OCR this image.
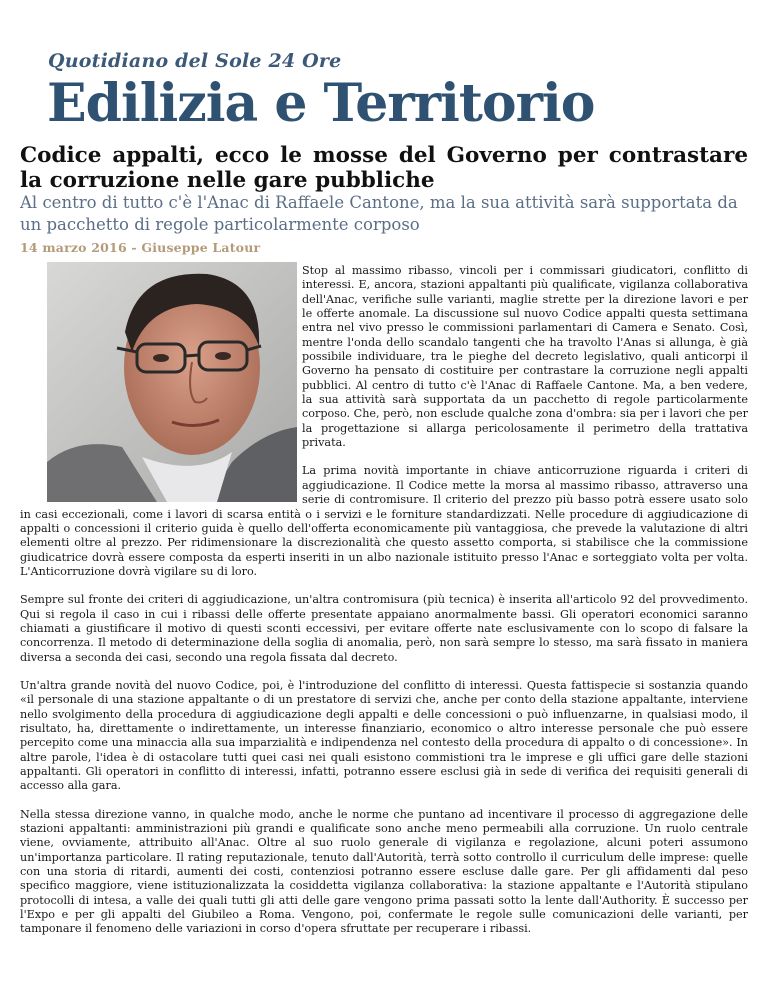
Quotidiano del Sole 24 Ore
Edilizia e Territorio
Codice appalti, ecco le mosse del Governo per contrastare la corruzione nelle gare pubbliche

Al centro di tutto c'è l'Anac di Raffaele Cantone, ma la sua attività sarà supportata da un pacchetto di regole particolarmente corposo

14 marzo 2016 - Giuseppe Latour

Stop al massimo ribasso, vincoli per i commissari giudicatori, conflitto di interessi. E, ancora, stazioni appaltanti più qualificate, vigilanza collaborativa dell'Anac, verifiche sulle varianti, maglie strette per la direzione lavori e per le offerte anomale. La discussione sul nuovo Codice appalti questa settimana entra nel vivo presso le commissioni parlamentari di Camera e Senato. Così, mentre l'onda dello scandalo tangenti che ha travolto l'Anas si allunga, è già possibile individuare, tra le pieghe del decreto legislativo, quali anticorpi il Governo ha pensato di costituire per contrastare la corruzione negli appalti pubblici. Al centro di tutto c'è l'Anac di Raffaele Cantone. Ma, a ben vedere, la sua attività sarà supportata da un pacchetto di regole particolarmente corposo. Che, però, non esclude qualche zona d'ombra: sia per i lavori che per la progettazione si allarga pericolosamente il perimetro della trattativa privata.

La prima novità importante in chiave anticorruzione riguarda i criteri di aggiudicazione. Il Codice mette la morsa al massimo ribasso, attraverso una serie di contromisure. Il criterio del prezzo più basso potrà essere usato solo in casi eccezionali, come i lavori di scarsa entità o i servizi e le forniture standardizzati. Nelle procedure di aggiudicazione di appalti o concessioni il criterio guida è quello dell'offerta economicamente più vantaggiosa, che prevede la valutazione di altri elementi oltre al prezzo. Per ridimensionare la discrezionalità che questo assetto comporta, si stabilisce che la commissione giudicatrice dovrà essere composta da esperti inseriti in un albo nazionale istituito presso l'Anac e sorteggiato volta per volta. L'Anticorruzione dovrà vigilare su di loro.

Sempre sul fronte dei criteri di aggiudicazione, un'altra contromisura (più tecnica) è inserita all'articolo 92 del provvedimento. Qui si regola il caso in cui i ribassi delle offerte presentate appaiano anormalmente bassi. Gli operatori economici saranno chiamati a giustificare il motivo di questi sconti eccessivi, per evitare offerte nate esclusivamente con lo scopo di falsare la concorrenza. Il metodo di determinazione della soglia di anomalia, però, non sarà sempre lo stesso, ma sarà fissato in maniera diversa a seconda dei casi, secondo una regola fissata dal decreto.

Un'altra grande novità del nuovo Codice, poi, è l'introduzione del conflitto di interessi. Questa fattispecie si sostanzia quando «il personale di una stazione appaltante o di un prestatore di servizi che, anche per conto della stazione appaltante, interviene nello svolgimento della procedura di aggiudicazione degli appalti e delle concessioni o può influenzarne, in qualsiasi modo, il risultato, ha, direttamente o indirettamente, un interesse finanziario, economico o altro interesse personale che può essere percepito come una minaccia alla sua imparzialità e indipendenza nel contesto della procedura di appalto o di concessione». In altre parole, l'idea è di ostacolare tutti quei casi nei quali esistono commistioni tra le imprese e gli uffici gare delle stazioni appaltanti. Gli operatori in conflitto di interessi, infatti, potranno essere esclusi già in sede di verifica dei requisiti generali di accesso alla gara.

Nella stessa direzione vanno, in qualche modo, anche le norme che puntano ad incentivare il processo di aggregazione delle stazioni appaltanti: amministrazioni più grandi e qualificate sono anche meno permeabili alla corruzione. Un ruolo centrale viene, ovviamente, attribuito all'Anac. Oltre al suo ruolo generale di vigilanza e regolazione, alcuni poteri assumono un'importanza particolare. Il rating reputazionale, tenuto dall'Autorità, terrà sotto controllo il curriculum delle imprese: quelle con una storia di ritardi, aumenti dei costi, contenziosi potranno essere escluse dalle gare. Per gli affidamenti dal peso specifico maggiore, viene istituzionalizzata la cosiddetta vigilanza collaborativa: la stazione appaltante e l'Autorità stipulano protocolli di intesa, a valle dei quali tutti gli atti delle gare vengono prima passati sotto la lente dall'Authority. È successo per l'Expo e per gli appalti del Giubileo a Roma. Vengono, poi, confermate le regole sulle comunicazioni delle varianti, per tamponare il fenomeno delle variazioni in corso d'opera sfruttate per recuperare i ribassi.
